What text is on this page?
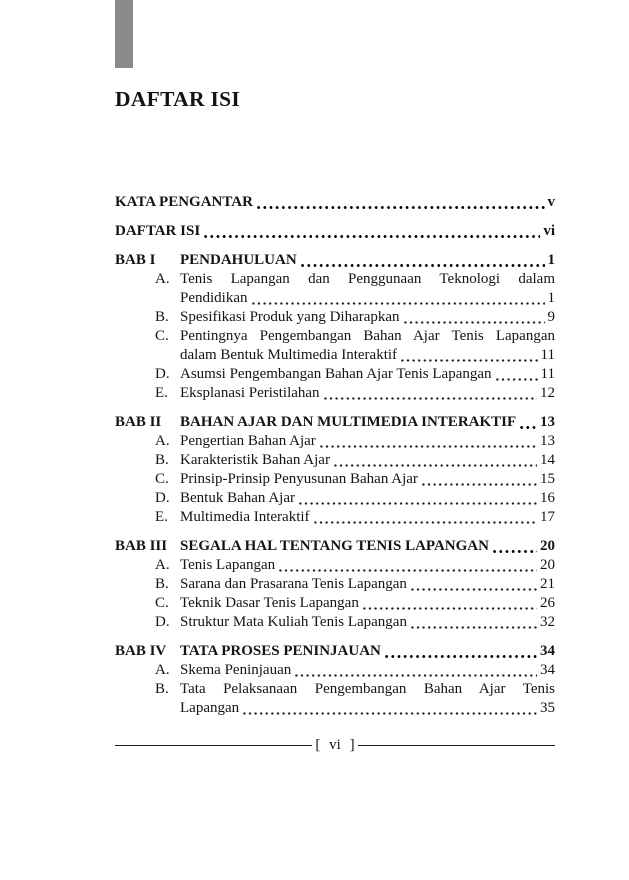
DAFTAR ISI
KATA PENGANTAR	v
DAFTAR ISI	vi
BAB I	PENDAHULUAN	1
A. Tenis Lapangan dan Penggunaan Teknologi dalam
Pendidikan	1
B. Spesifikasi Produk yang Diharapkan	9
C. Pentingnya Pengembangan Bahan Ajar Tenis Lapangan
dalam Bentuk Multimedia Interaktif	11
D. Asumsi Pengembangan Bahan Ajar Tenis Lapangan	11
E. Eksplanasi Peristilahan	12
BAB II	BAHAN AJAR DAN MULTIMEDIA INTERAKTIF 13
A. Pengertian Bahan Ajar	13
B. Karakteristik Bahan Ajar	14
C. Prinsip-Prinsip Penyusunan Bahan Ajar	15
D. Bentuk Bahan Ajar	16
E. Multimedia Interaktif	17
BAB III SEGALA HAL TENTANG TENIS LAPANGAN	20
A. Tenis Lapangan	20
B. Sarana dan Prasarana Tenis Lapangan	21
C. Teknik Dasar Tenis Lapangan	26
D. Struktur Mata Kuliah Tenis Lapangan	32
BAB IV TATA PROSES PENINJAUAN	34
A. Skema Peninjauan	34
B. Tata Pelaksanaan Pengembangan Bahan Ajar Tenis
Lapangan	35
[ vi ]
